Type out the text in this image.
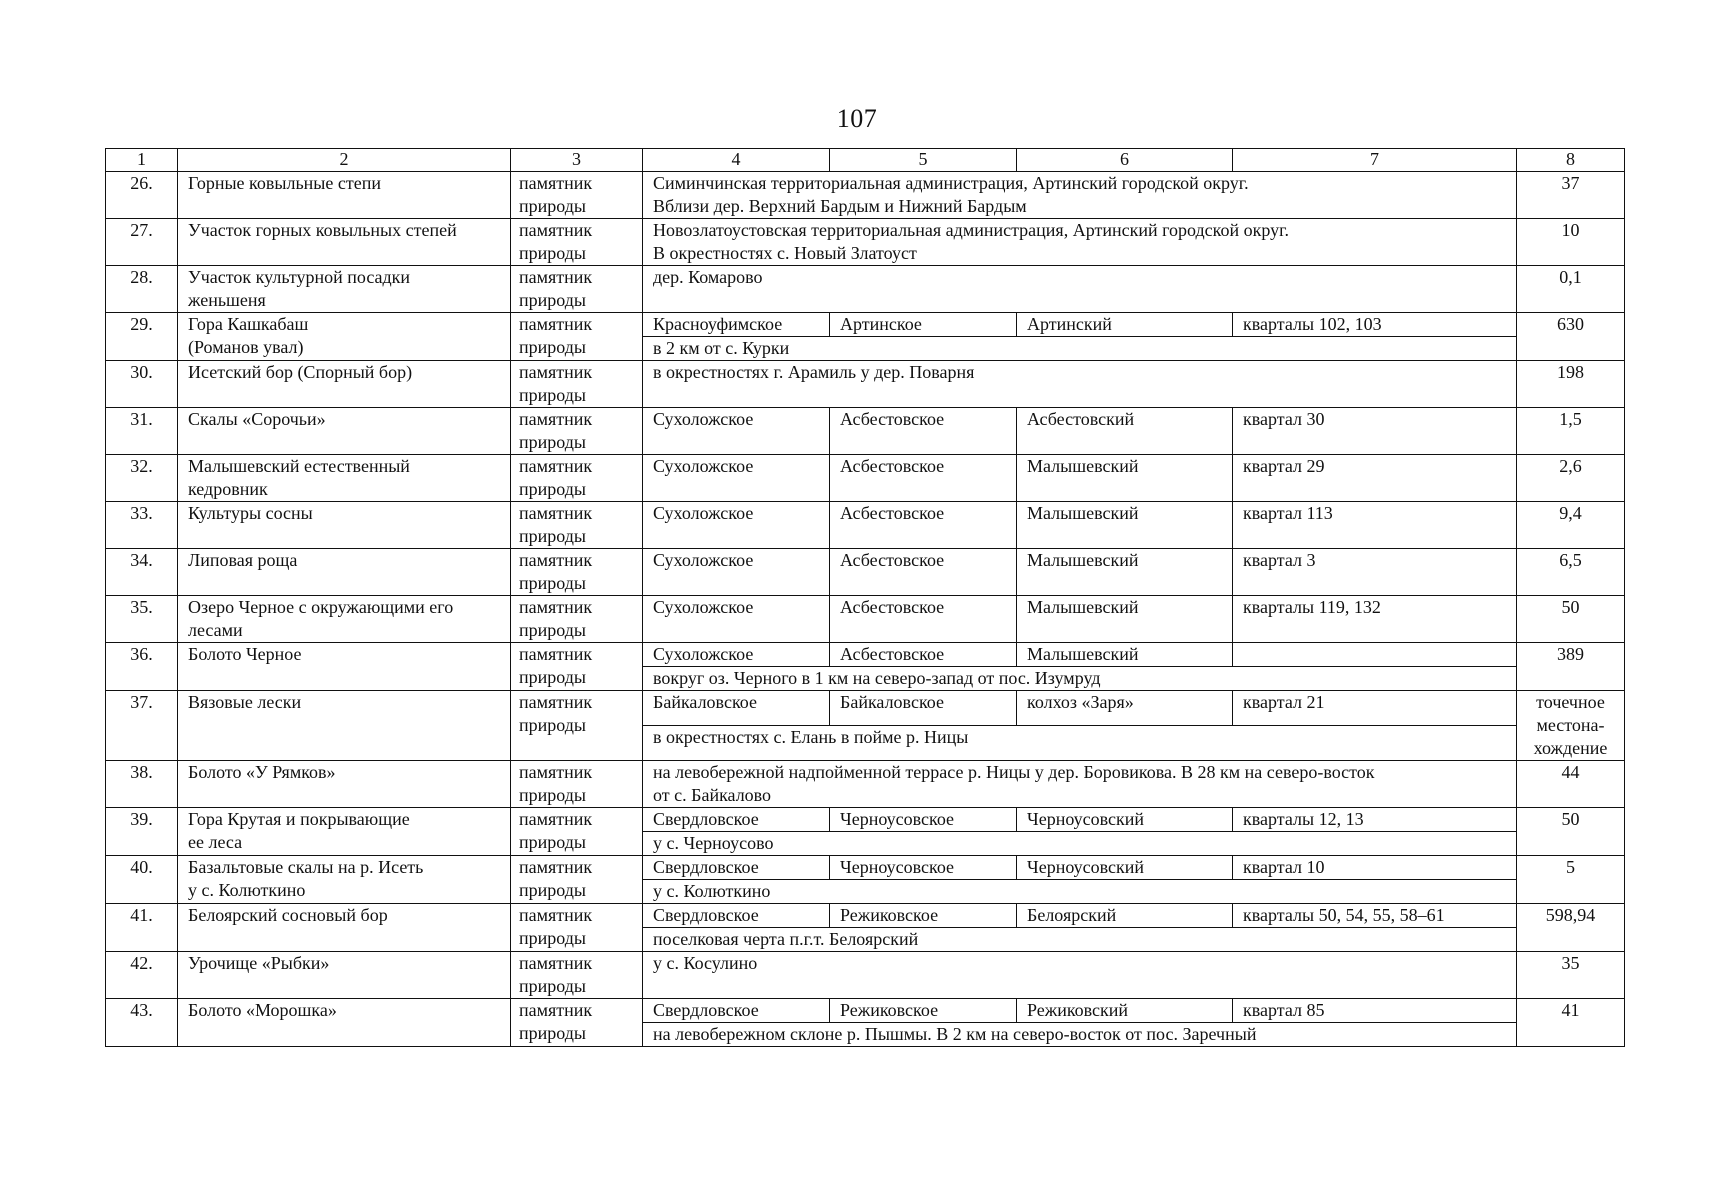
107
1	2	3	4	5	6	7	8
26.	Горные ковыльные степи	памятник
природы	Симинчинская территориальная администрация, Артинский городской округ.
Вблизи дер. Верхний Бардым и Нижний Бардым				37
27.	Участок горных ковыльных степей	памятник
природы	Новозлатоустовская территориальная администрация, Артинский городской округ.
В окрестностях с. Новый Златоуст				10
28.	Участок культурной посадки
женьшеня	памятник
природы	дер. Комарово				0,1
29.	Гора Кашкабаш
(Романов увал)	памятник
природы	Красноуфимское	Артинское	Артинский	кварталы 102, 103	630
			в 2 км от с. Курки				
30.	Исетский бор (Спорный бор)	памятник
природы	в окрестностях г. Арамиль у дер. Поварня				198
31.	Скалы «Сорочьи»	памятник
природы	Сухоложское	Асбестовское	Асбестовский	квартал 30	1,5
32.	Малышевский естественный
кедровник	памятник
природы	Сухоложское	Асбестовское	Малышевский	квартал 29	2,6
33.	Культуры сосны	памятник
природы	Сухоложское	Асбестовское	Малышевский	квартал 113	9,4
34.	Липовая роща	памятник
природы	Сухоложское	Асбестовское	Малышевский	квартал 3	6,5
35.	Озеро Черное с окружающими его
лесами	памятник
природы	Сухоложское	Асбестовское	Малышевский	кварталы 119, 132	50
36.	Болото Черное	памятник
природы	Сухоложское	Асбестовское	Малышевский		389
			вокруг оз. Черного в 1 км на северо-запад от пос. Изумруд				
37.	Вязовые лески	памятник
природы	Байкаловское	Байкаловское	колхоз «Заря»	квартал 21	точечное
местона-
хождение
			в окрестностях с. Елань в пойме р. Ницы				
38.	Болото «У Рямков»	памятник
природы	на левобережной надпойменной террасе р. Ницы у дер. Боровикова. В 28 км на северо-восток
от с. Байкалово				44
39.	Гора Крутая и покрывающие
ее леса	памятник
природы	Свердловское	Черноусовское	Черноусовский	кварталы 12, 13	50
			у с. Черноусово				
40.	Базальтовые скалы на р. Исеть
у с. Колюткино	памятник
природы	Свердловское	Черноусовское	Черноусовский	квартал 10	5
			у с. Колюткино				
41.	Белоярский сосновый бор	памятник
природы	Свердловское	Режиковское	Белоярский	кварталы 50, 54, 55, 58–61	598,94
			поселковая черта п.г.т. Белоярский				
42.	Урочище «Рыбки»	памятник
природы	у с. Косулино				35
43.	Болото «Морошка»	памятник
природы	Свердловское	Режиковское	Режиковский	квартал 85	41
			на левобережном склоне р. Пышмы. В 2 км на северо-восток от пос. Заречный				
